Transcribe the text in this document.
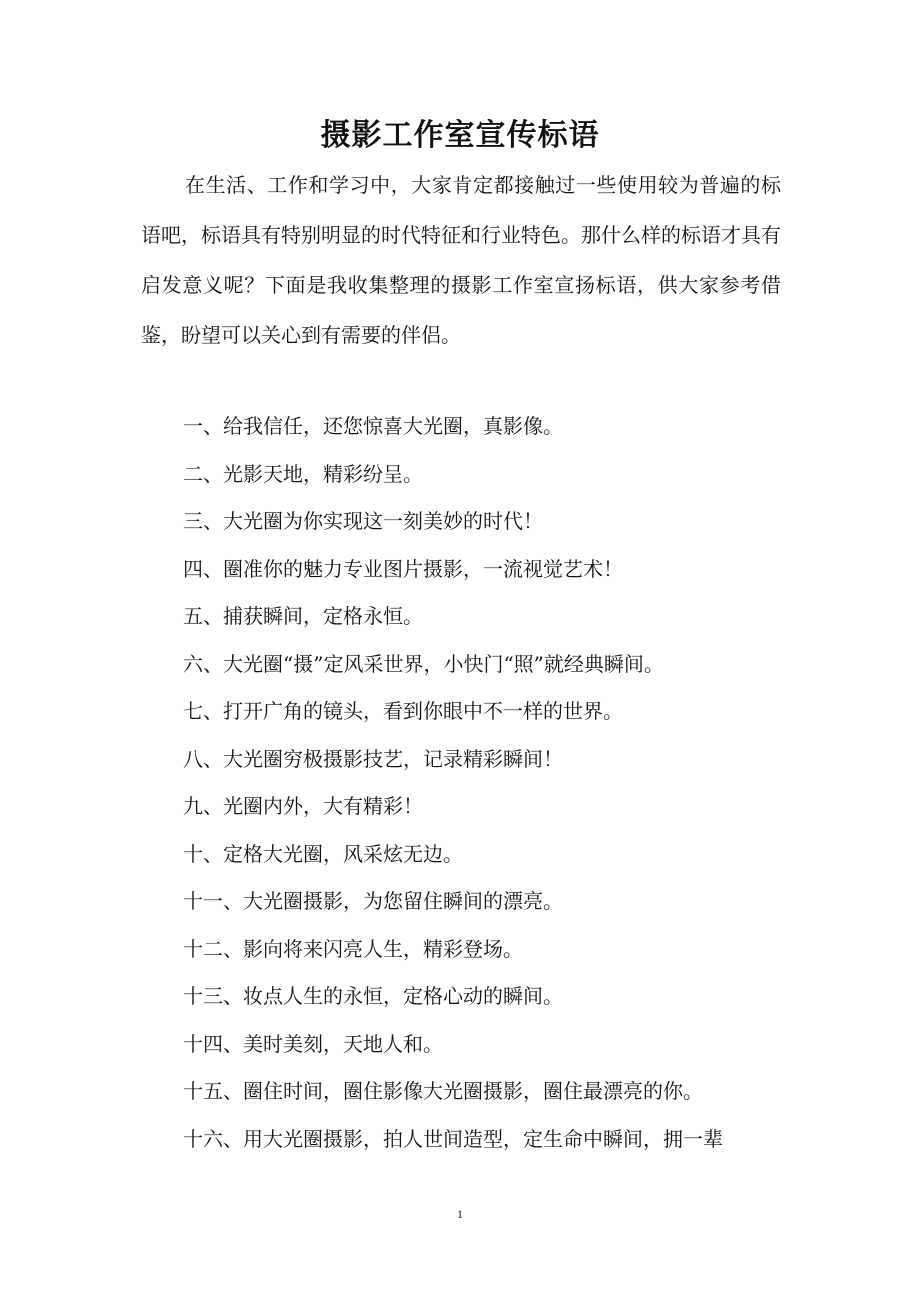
摄影工作室宣传标语

在生活、工作和学习中，大家肯定都接触过一些使用较为普遍的标语吧，标语具有特别明显的时代特征和行业特色。那什么样的标语才具有启发意义呢？下面是我收集整理的摄影工作室宣扬标语，供大家参考借鉴，盼望可以关心到有需要的伴侣。

一、给我信任，还您惊喜大光圈，真影像。
二、光影天地，精彩纷呈。
三、大光圈为你实现这一刻美妙的时代！
四、圈准你的魅力专业图片摄影，一流视觉艺术！
五、捕获瞬间，定格永恒。
六、大光圈“摄”定风采世界，小快门“照”就经典瞬间。
七、打开广角的镜头，看到你眼中不一样的世界。
八、大光圈穷极摄影技艺，记录精彩瞬间！
九、光圈内外，大有精彩！
十、定格大光圈，风采炫无边。
十一、大光圈摄影，为您留住瞬间的漂亮。
十二、影向将来闪亮人生，精彩登场。
十三、妆点人生的永恒，定格心动的瞬间。
十四、美时美刻，天地人和。
十五、圈住时间，圈住影像大光圈摄影，圈住最漂亮的你。
十六、用大光圈摄影，拍人世间造型，定生命中瞬间，拥一辈
1
